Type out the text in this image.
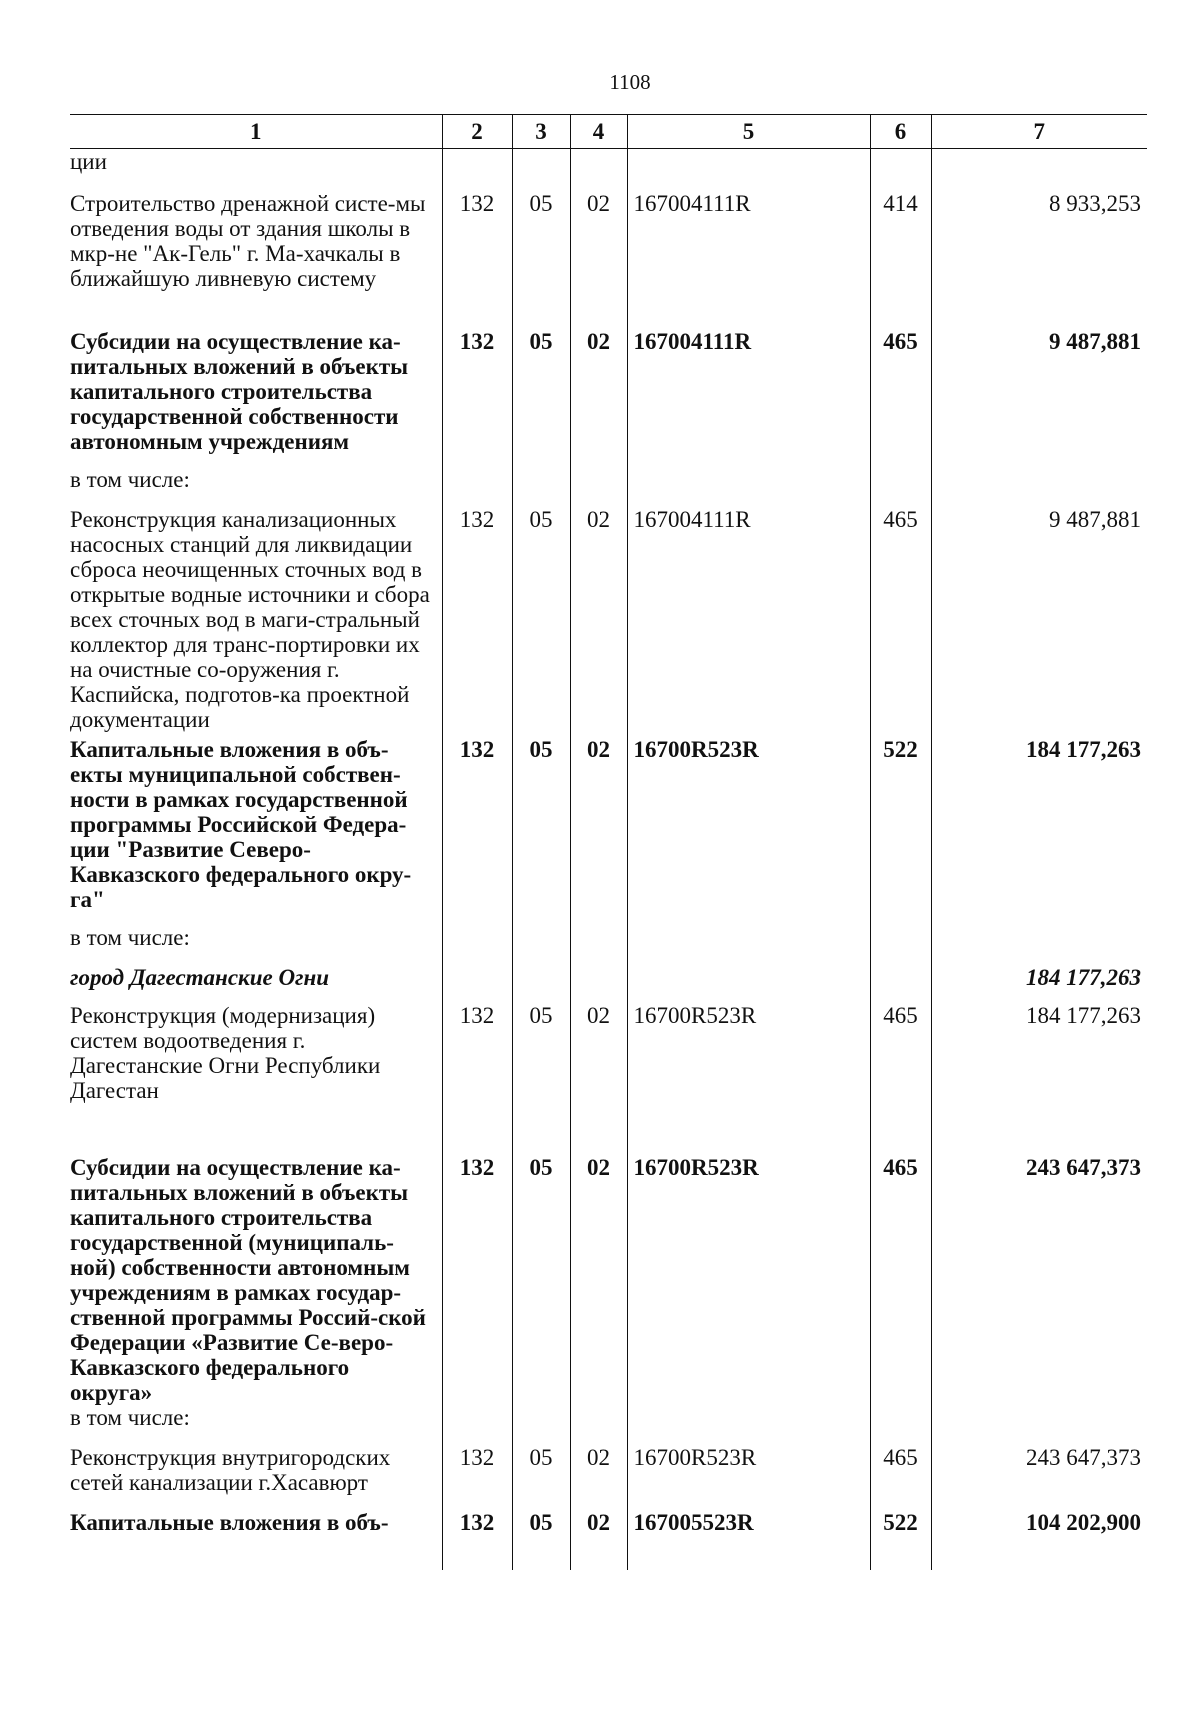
1108
1	2	3	4	5	6	7
ции						
Строительство дренажной систе-мы отведения воды от здания школы в мкр-не "Ак-Гель" г. Ма-хачкалы в ближайшую ливневую систему	132	05	02	167004111R	414	8 933,253
Субсидии на осуществление ка-питальных вложений в объекты капитального строительства государственной собственности автономным учреждениям	132	05	02	167004111R	465	9 487,881
в том числе:						
Реконструкция канализационных насосных станций для ликвидации сброса неочищенных сточных вод в открытые водные источники и сбора всех сточных вод в маги-стральный коллектор для транс-портировки их на очистные со-оружения г. Каспийска, подготов-ка проектной документации	132	05	02	167004111R	465	9 487,881
Капитальные вложения в объ-екты муниципальной собствен-ности в рамках государственной программы Российской Федера-ции "Развитие Северо-Кавказского федерального окру-га"	132	05	02	16700R523R	522	184 177,263
в том числе:						
город Дагестанские Огни						184 177,263
Реконструкция (модернизация) систем водоотведения г. Дагестанские Огни Республики Дагестан	132	05	02	16700R523R	465	184 177,263
Субсидии на осуществление ка-питальных вложений в объекты капитального строительства государственной (муниципаль-ной) собственности автономным учреждениям в рамках государ-ственной программы Россий-ской Федерации «Развитие Се-веро-Кавказского федерального округа»	132	05	02	16700R523R	465	243 647,373
в том числе:						
Реконструкция внутригородских сетей канализации г.Хасавюрт	132	05	02	16700R523R	465	243 647,373
Капитальные вложения в объ-	132	05	02	167005523R	522	104 202,900
